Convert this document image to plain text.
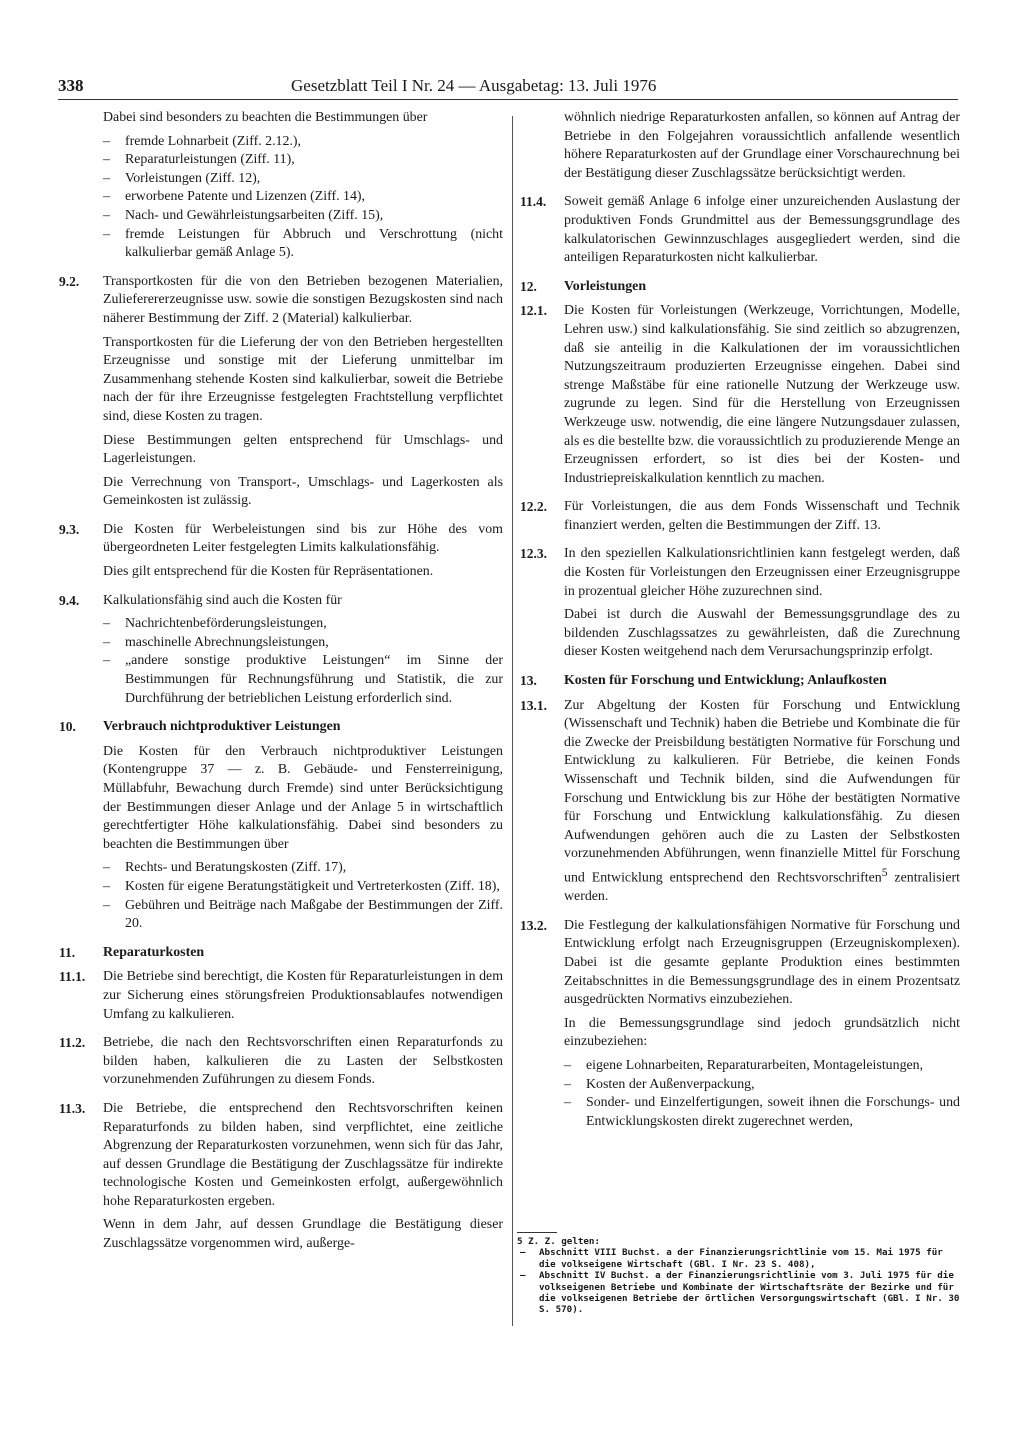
338	Gesetzblatt Teil I Nr. 24 — Ausgabetag: 13. Juli 1976
Dabei sind besonders zu beachten die Bestimmungen über
– fremde Lohnarbeit (Ziff. 2.12.),
– Reparaturleistungen (Ziff. 11),
– Vorleistungen (Ziff. 12),
– erworbene Patente und Lizenzen (Ziff. 14),
– Nach- und Gewährleistungsarbeiten (Ziff. 15),
– fremde Leistungen für Abbruch und Verschrottung (nicht kalkulierbar gemäß Anlage 5).
9.2. Transportkosten für die von den Betrieben bezogenen Materialien, Zulieferererzeugnisse usw. sowie die sonstigen Bezugskosten sind nach näherer Bestimmung der Ziff. 2 (Material) kalkulierbar.
Transportkosten für die Lieferung der von den Betrieben hergestellten Erzeugnisse und sonstige mit der Lieferung unmittelbar im Zusammenhang stehende Kosten sind kalkulierbar, soweit die Betriebe nach der für ihre Erzeugnisse festgelegten Frachtstellung verpflichtet sind, diese Kosten zu tragen.
Diese Bestimmungen gelten entsprechend für Umschlags- und Lagerleistungen.
Die Verrechnung von Transport-, Umschlags- und Lagerkosten als Gemeinkosten ist zulässig.
9.3. Die Kosten für Werbeleistungen sind bis zur Höhe des vom übergeordneten Leiter festgelegten Limits kalkulationsfähig.
Dies gilt entsprechend für die Kosten für Repräsentationen.
9.4. Kalkulationsfähig sind auch die Kosten für
– Nachrichtenbeförderungsleistungen,
– maschinelle Abrechnungsleistungen,
– „andere sonstige produktive Leistungen“ im Sinne der Bestimmungen für Rechnungsführung und Statistik, die zur Durchführung der betrieblichen Leistung erforderlich sind.
10. Verbrauch nichtproduktiver Leistungen
Die Kosten für den Verbrauch nichtproduktiver Leistungen (Kontengruppe 37 — z. B. Gebäude- und Fensterreinigung, Müllabfuhr, Bewachung durch Fremde) sind unter Berücksichtigung der Bestimmungen dieser Anlage und der Anlage 5 in wirtschaftlich gerechtfertigter Höhe kalkulationsfähig. Dabei sind besonders zu beachten die Bestimmungen über
– Rechts- und Beratungskosten (Ziff. 17),
– Kosten für eigene Beratungstätigkeit und Vertreterkosten (Ziff. 18),
– Gebühren und Beiträge nach Maßgabe der Bestimmungen der Ziff. 20.
11. Reparaturkosten
11.1. Die Betriebe sind berechtigt, die Kosten für Reparaturleistungen in dem zur Sicherung eines störungsfreien Produktionsablaufes notwendigen Umfang zu kalkulieren.
11.2. Betriebe, die nach den Rechtsvorschriften einen Reparaturfonds zu bilden haben, kalkulieren die zu Lasten der Selbstkosten vorzunehmenden Zuführungen zu diesem Fonds.
11.3. Die Betriebe, die entsprechend den Rechtsvorschriften keinen Reparaturfonds zu bilden haben, sind verpflichtet, eine zeitliche Abgrenzung der Reparaturkosten vorzunehmen, wenn sich für das Jahr, auf dessen Grundlage die Bestätigung der Zuschlagssätze für indirekte technologische Kosten und Gemeinkosten erfolgt, außergewöhnlich hohe Reparaturkosten ergeben.
Wenn in dem Jahr, auf dessen Grundlage die Bestätigung dieser Zuschlagssätze vorgenommen wird, außerge-
wöhnlich niedrige Reparaturkosten anfallen, so können auf Antrag der Betriebe in den Folgejahren voraussichtlich anfallende wesentlich höhere Reparaturkosten auf der Grundlage einer Vorschaurechnung bei der Bestätigung dieser Zuschlagssätze berücksichtigt werden.
11.4. Soweit gemäß Anlage 6 infolge einer unzureichenden Auslastung der produktiven Fonds Grundmittel aus der Bemessungsgrundlage des kalkulatorischen Gewinnzuschlages ausgegliedert werden, sind die anteiligen Reparaturkosten nicht kalkulierbar.
12. Vorleistungen
12.1. Die Kosten für Vorleistungen (Werkzeuge, Vorrichtungen, Modelle, Lehren usw.) sind kalkulationsfähig. Sie sind zeitlich so abzugrenzen, daß sie anteilig in die Kalkulationen der im voraussichtlichen Nutzungszeitraum produzierten Erzeugnisse eingehen. Dabei sind strenge Maßstäbe für eine rationelle Nutzung der Werkzeuge usw. zugrunde zu legen. Sind für die Herstellung von Erzeugnissen Werkzeuge usw. notwendig, die eine längere Nutzungsdauer zulassen, als es die bestellte bzw. die voraussichtlich zu produzierende Menge an Erzeugnissen erfordert, so ist dies bei der Kosten- und Industriepreiskalkulation kenntlich zu machen.
12.2. Für Vorleistungen, die aus dem Fonds Wissenschaft und Technik finanziert werden, gelten die Bestimmungen der Ziff. 13.
12.3. In den speziellen Kalkulationsrichtlinien kann festgelegt werden, daß die Kosten für Vorleistungen den Erzeugnissen einer Erzeugnisgruppe in prozentual gleicher Höhe zuzurechnen sind.
Dabei ist durch die Auswahl der Bemessungsgrundlage des zu bildenden Zuschlagssatzes zu gewährleisten, daß die Zurechnung dieser Kosten weitgehend nach dem Verursachungsprinzip erfolgt.
13. Kosten für Forschung und Entwicklung; Anlaufkosten
13.1. Zur Abgeltung der Kosten für Forschung und Entwicklung (Wissenschaft und Technik) haben die Betriebe und Kombinate die für die Zwecke der Preisbildung bestätigten Normative für Forschung und Entwicklung zu kalkulieren. Für Betriebe, die keinen Fonds Wissenschaft und Technik bilden, sind die Aufwendungen für Forschung und Entwicklung bis zur Höhe der bestätigten Normative für Forschung und Entwicklung kalkulationsfähig. Zu diesen Aufwendungen gehören auch die zu Lasten der Selbstkosten vorzunehmenden Abführungen, wenn finanzielle Mittel für Forschung und Entwicklung entsprechend den Rechtsvorschriften$^5$ zentralisiert werden.
13.2. Die Festlegung der kalkulationsfähigen Normative für Forschung und Entwicklung erfolgt nach Erzeugnisgruppen (Erzeugniskomplexen). Dabei ist die gesamte geplante Produktion eines bestimmten Zeitabschnittes in die Bemessungsgrundlage des in einem Prozentsatz ausgedrückten Normativs einzubeziehen.
In die Bemessungsgrundlage sind jedoch grundsätzlich nicht einzubeziehen:
– eigene Lohnarbeiten, Reparaturarbeiten, Montageleistungen,
– Kosten der Außenverpackung,
– Sonder- und Einzelfertigungen, soweit ihnen die Forschungs- und Entwicklungskosten direkt zugerechnet werden,
5 Z. Z. gelten:
– Abschnitt VIII Buchst. a der Finanzierungsrichtlinie vom 15. Mai 1975 für die volkseigene Wirtschaft (GBl. I Nr. 23 S. 408),
– Abschnitt IV Buchst. a der Finanzierungsrichtlinie vom 3. Juli 1975 für die volkseigenen Betriebe und Kombinate der Wirtschaftsräte der Bezirke und für die volkseigenen Betriebe der örtlichen Versorgungswirtschaft (GBl. I Nr. 30 S. 570).
